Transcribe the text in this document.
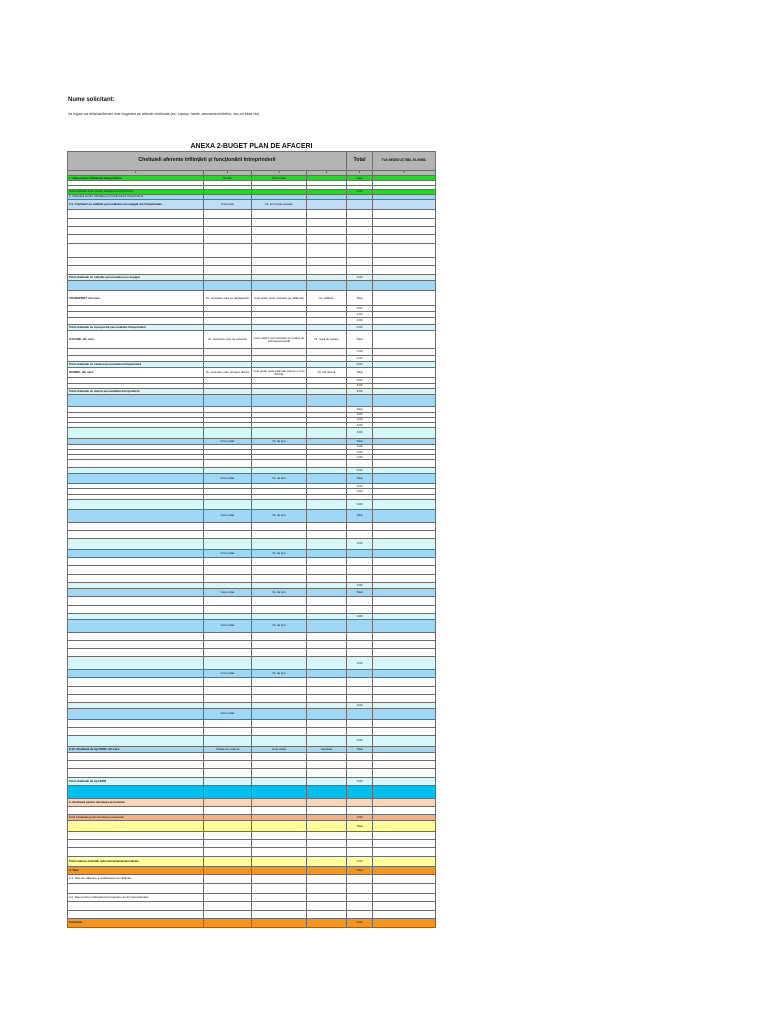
Nume solicitant:
Va rugam sa detaliati fiecare linie bugetara pe articole cheltuiala (ex: Laptop, hartie, abonament telefon, suc,un kitas etc)
ANEXA 2-BUGET PLAN DE AFACERI
Cheltuieli aferente înfiinţării şi funcţionării întreprinderii				Total	TVA NEDEDUCTIBIL ELIGIBIL
1	2	3	4	5	6
1. Taxe pentru înfiinţarea întreprinderii	Număr	Cost unitar		Total	

Total cheltuieli Taxe pentru înfiinţarea întreprinderii				0.00	
2. Cheltuieli pentru înfiinţarea şi funcţionarea întreprinderii					
2.1. Cheltuieli cu salariile personalului nou angajat din întreprindere	Cost lunar	Nr. luni implementare			

Total cheltuieli cu salariile personalului nou angajat				0.00	

TRANSPORT, din care:	Nr. persoane care se deplasează	Cost unitar (cost estimativ pe călătorie)	Nr. călătorii	Total	
				0.00	
				0.00	
				0.00	
Total cheltuieli cu transportul personalului întreprinderii				0.00	
CAZARE, din care:	Nr. persoane care se cazează	Cost unitar (cost estimativ pe noapte de cazare/persoană)	Nr. nopţi de cazare	Total	
				0.00	
				0.00	
Total cheltuieli cu cazarea personalului întreprinderii				0.00	
DIURNĂ, din care:	Nr. persoane care primesc diurnă	Cost unitar (cost estimativ pentru o zi de diurnă)	Nr. zile diurnă	Total	
				0.00	
				0.00	
Total cheltuieli cu diurna personalului întreprinderii				0.00	

				Total	
				0.00	
				0.00	
				0.00	
				0.00	
	Cost unitar	Nr. de luni		Total	
				0.00	
				0.00	
				0.00	

				0.00	
	Cost unitar	Nr. de luni		Total	
				0.00	
				0.00	

				0.00	
	Cost unitar	Nr. de luni		Total	

				0.00	
	Cost unitar	Nr. de luni			

				0.00	
	Cost unitar	Nr. de luni		Total	

				0.00	
	Cost unitar	Nr. de luni			

				0.00	
	Cost unitar	Nr. de luni			

				0.00	
	Cost unitar				

				0.00	
2.12. Cheltuieli de tip FEDR, din care:	Unitate de masura	Cost unitar	Cantitate	Total	

Total cheltuieli de tip FEDR				0.00	

3. Cheltuieli pentru derularea proiectului					

Total Cheltuieli pentru derularea proiectului				0.00	
				Total	

Total valoare activitati subcontractate/externalizate				0.00	
4. Taxe				Total	
4.1. Taxe de eliberare a certificatelor de calificare					

4.2. Taxe pentru participarea la programe de formare/educaţie					

Total taxe				0.00	
